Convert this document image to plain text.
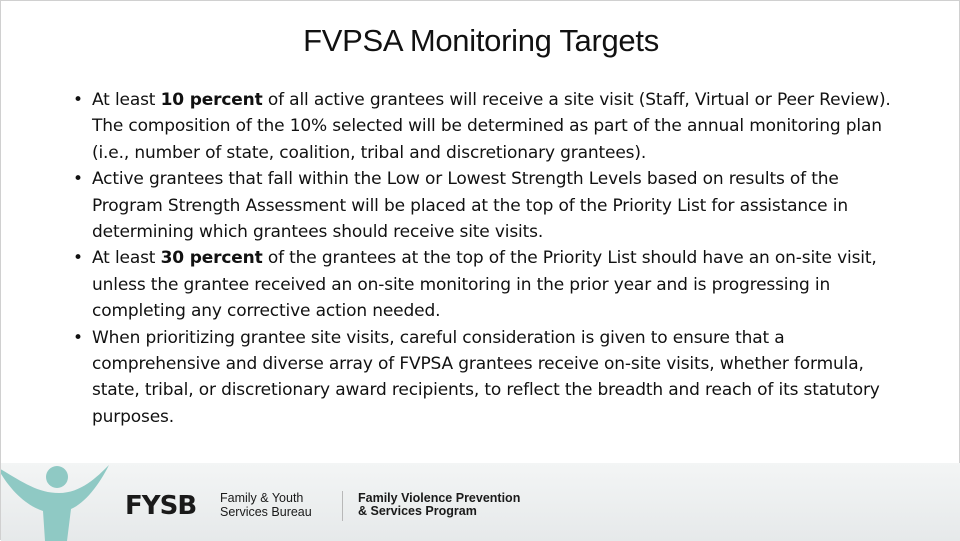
FVPSA Monitoring Targets
• At least 10 percent of all active grantees will receive a site visit (Staff, Virtual or Peer Review). The composition of the 10% selected will be determined as part of the annual monitoring plan (i.e., number of state, coalition, tribal and discretionary grantees).
• Active grantees that fall within the Low or Lowest Strength Levels based on results of the Program Strength Assessment will be placed at the top of the Priority List for assistance in determining which grantees should receive site visits.
• At least 30 percent of the grantees at the top of the Priority List should have an on-site visit, unless the grantee received an on-site monitoring in the prior year and is progressing in completing any corrective action needed.
• When prioritizing grantee site visits, careful consideration is given to ensure that a comprehensive and diverse array of FVPSA grantees receive on-site visits, whether formula, state, tribal, or discretionary award recipients, to reflect the breadth and reach of its statutory purposes.
FYSB Family & Youth
Services Bureau
Family Violence Prevention
& Services Program
